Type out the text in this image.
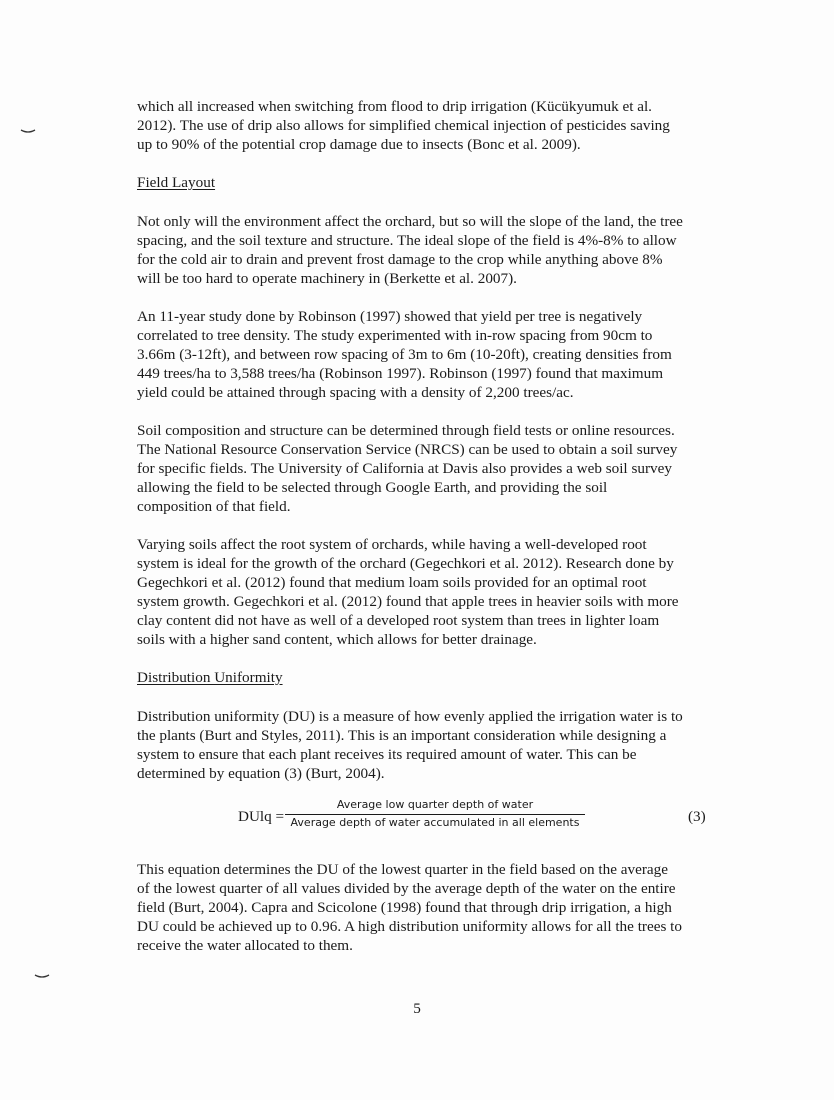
which all increased when switching from flood to drip irrigation (Kücükyumuk et al.
2012). The use of drip also allows for simplified chemical injection of pesticides saving
up to 90% of the potential crop damage due to insects (Bonc et al. 2009).

Field Layout

Not only will the environment affect the orchard, but so will the slope of the land, the tree
spacing, and the soil texture and structure. The ideal slope of the field is 4%-8% to allow
for the cold air to drain and prevent frost damage to the crop while anything above 8%
will be too hard to operate machinery in (Berkette et al. 2007).

An 11-year study done by Robinson (1997) showed that yield per tree is negatively
correlated to tree density. The study experimented with in-row spacing from 90cm to
3.66m (3-12ft), and between row spacing of 3m to 6m (10-20ft), creating densities from
449 trees/ha to 3,588 trees/ha (Robinson 1997). Robinson (1997) found that maximum
yield could be attained through spacing with a density of 2,200 trees/ac.

Soil composition and structure can be determined through field tests or online resources.
The National Resource Conservation Service (NRCS) can be used to obtain a soil survey
for specific fields. The University of California at Davis also provides a web soil survey
allowing the field to be selected through Google Earth, and providing the soil
composition of that field.

Varying soils affect the root system of orchards, while having a well-developed root
system is ideal for the growth of the orchard (Gegechkori et al. 2012). Research done by
Gegechkori et al. (2012) found that medium loam soils provided for an optimal root
system growth. Gegechkori et al. (2012) found that apple trees in heavier soils with more
clay content did not have as well of a developed root system than trees in lighter loam
soils with a higher sand content, which allows for better drainage.

Distribution Uniformity

Distribution uniformity (DU) is a measure of how evenly applied the irrigation water is to
the plants (Burt and Styles, 2011). This is an important consideration while designing a
system to ensure that each plant receives its required amount of water. This can be
determined by equation (3) (Burt, 2004).

DUlq =
Average low quarter depth of water
Average depth of water accumulated in all elements	(3)

This equation determines the DU of the lowest quarter in the field based on the average
of the lowest quarter of all values divided by the average depth of the water on the entire
field (Burt, 2004). Capra and Scicolone (1998) found that through drip irrigation, a high
DU could be achieved up to 0.96. A high distribution uniformity allows for all the trees to
receive the water allocated to them.

5
